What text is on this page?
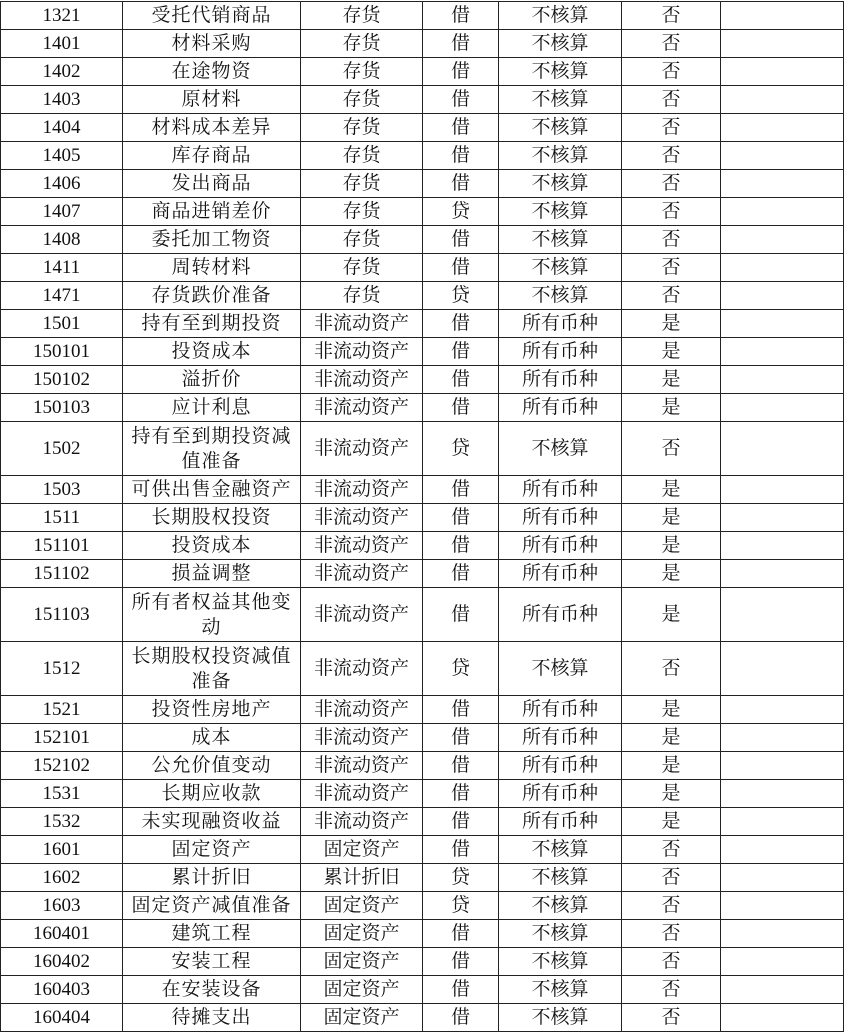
1321	受托代销商品	存货	借	不核算	否	
1401	材料采购	存货	借	不核算	否	
1402	在途物资	存货	借	不核算	否	
1403	原材料	存货	借	不核算	否	
1404	材料成本差异	存货	借	不核算	否	
1405	库存商品	存货	借	不核算	否	
1406	发出商品	存货	借	不核算	否	
1407	商品进销差价	存货	贷	不核算	否	
1408	委托加工物资	存货	借	不核算	否	
1411	周转材料	存货	借	不核算	否	
1471	存货跌价准备	存货	贷	不核算	否	
1501	持有至到期投资	非流动资产	借	所有币种	是	
150101	投资成本	非流动资产	借	所有币种	是	
150102	溢折价	非流动资产	借	所有币种	是	
150103	应计利息	非流动资产	借	所有币种	是	
1502	持有至到期投资减值准备	非流动资产	贷	不核算	否	
1503	可供出售金融资产	非流动资产	借	所有币种	是	
1511	长期股权投资	非流动资产	借	所有币种	是	
151101	投资成本	非流动资产	借	所有币种	是	
151102	损益调整	非流动资产	借	所有币种	是	
151103	所有者权益其他变动	非流动资产	借	所有币种	是	
1512	长期股权投资减值准备	非流动资产	贷	不核算	否	
1521	投资性房地产	非流动资产	借	所有币种	是	
152101	成本	非流动资产	借	所有币种	是	
152102	公允价值变动	非流动资产	借	所有币种	是	
1531	长期应收款	非流动资产	借	所有币种	是	
1532	未实现融资收益	非流动资产	借	所有币种	是	
1601	固定资产	固定资产	借	不核算	否	
1602	累计折旧	累计折旧	贷	不核算	否	
1603	固定资产减值准备	固定资产	贷	不核算	否	
160401	建筑工程	固定资产	借	不核算	否	
160402	安装工程	固定资产	借	不核算	否	
160403	在安装设备	固定资产	借	不核算	否	
160404	待摊支出	固定资产	借	不核算	否	
